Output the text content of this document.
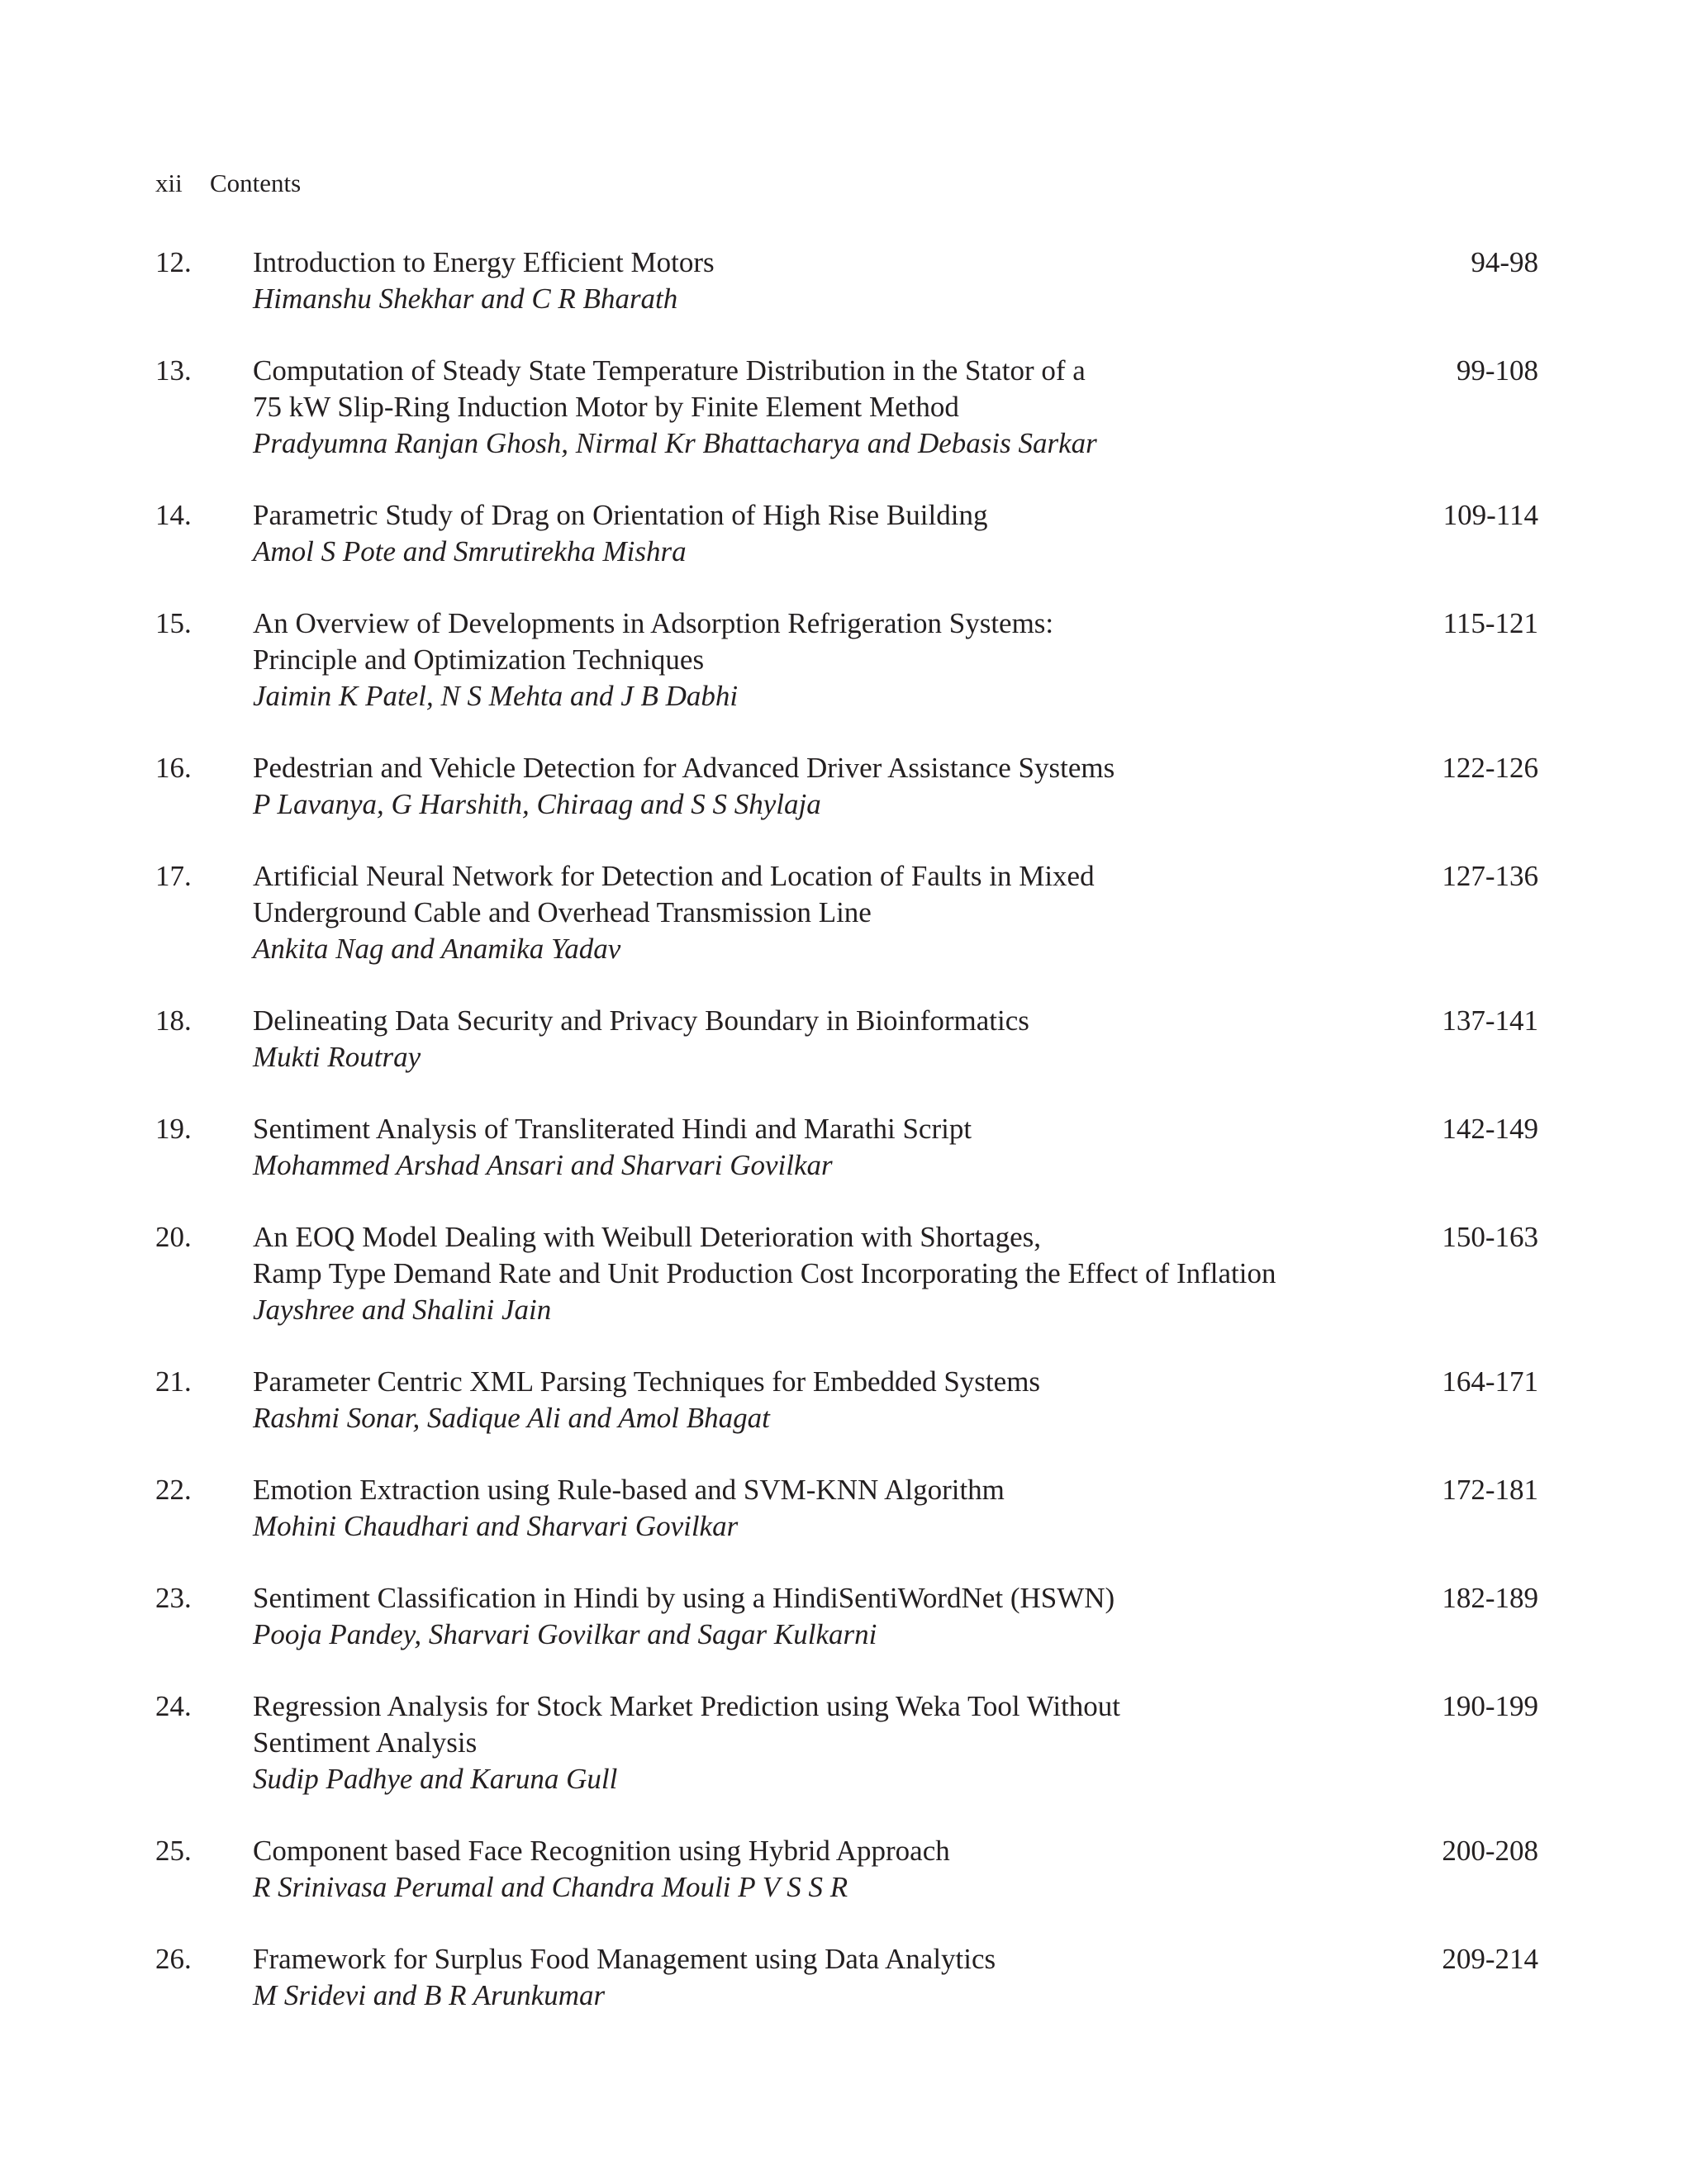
xii Contents
12.	Introduction to Energy Efficient Motors
Himanshu Shekhar and C R Bharath
94-98
13.	Computation of Steady State Temperature Distribution in the Stator of a
75 kW Slip-Ring Induction Motor by Finite Element Method
Pradyumna Ranjan Ghosh, Nirmal Kr Bhattacharya and Debasis Sarkar
99-108
14.	Parametric Study of Drag on Orientation of High Rise Building
Amol S Pote and Smrutirekha Mishra
109-114
15.	An Overview of Developments in Adsorption Refrigeration Systems:
Principle and Optimization Techniques
Jaimin K Patel, N S Mehta and J B Dabhi
115-121
16.	Pedestrian and Vehicle Detection for Advanced Driver Assistance Systems
P Lavanya, G Harshith, Chiraag and S S Shylaja
122-126
17.	Artificial Neural Network for Detection and Location of Faults in Mixed
Underground Cable and Overhead Transmission Line
Ankita Nag and Anamika Yadav
127-136
18.	Delineating Data Security and Privacy Boundary in Bioinformatics
Mukti Routray
137-141
19.	Sentiment Analysis of Transliterated Hindi and Marathi Script
Mohammed Arshad Ansari and Sharvari Govilkar
142-149
20.	An EOQ Model Dealing with Weibull Deterioration with Shortages,
Ramp Type Demand Rate and Unit Production Cost Incorporating the Effect of Inflation
Jayshree and Shalini Jain
150-163
21.	Parameter Centric XML Parsing Techniques for Embedded Systems
Rashmi Sonar, Sadique Ali and Amol Bhagat
164-171
22.	Emotion Extraction using Rule-based and SVM-KNN Algorithm
Mohini Chaudhari and Sharvari Govilkar
172-181
23.	Sentiment Classification in Hindi by using a HindiSentiWordNet (HSWN)
Pooja Pandey, Sharvari Govilkar and Sagar Kulkarni
182-189
24.	Regression Analysis for Stock Market Prediction using Weka Tool Without
Sentiment Analysis
Sudip Padhye and Karuna Gull
190-199
25.	Component based Face Recognition using Hybrid Approach
R Srinivasa Perumal and Chandra Mouli P V S S R
200-208
26.	Framework for Surplus Food Management using Data Analytics
M Sridevi and B R Arunkumar
209-214
